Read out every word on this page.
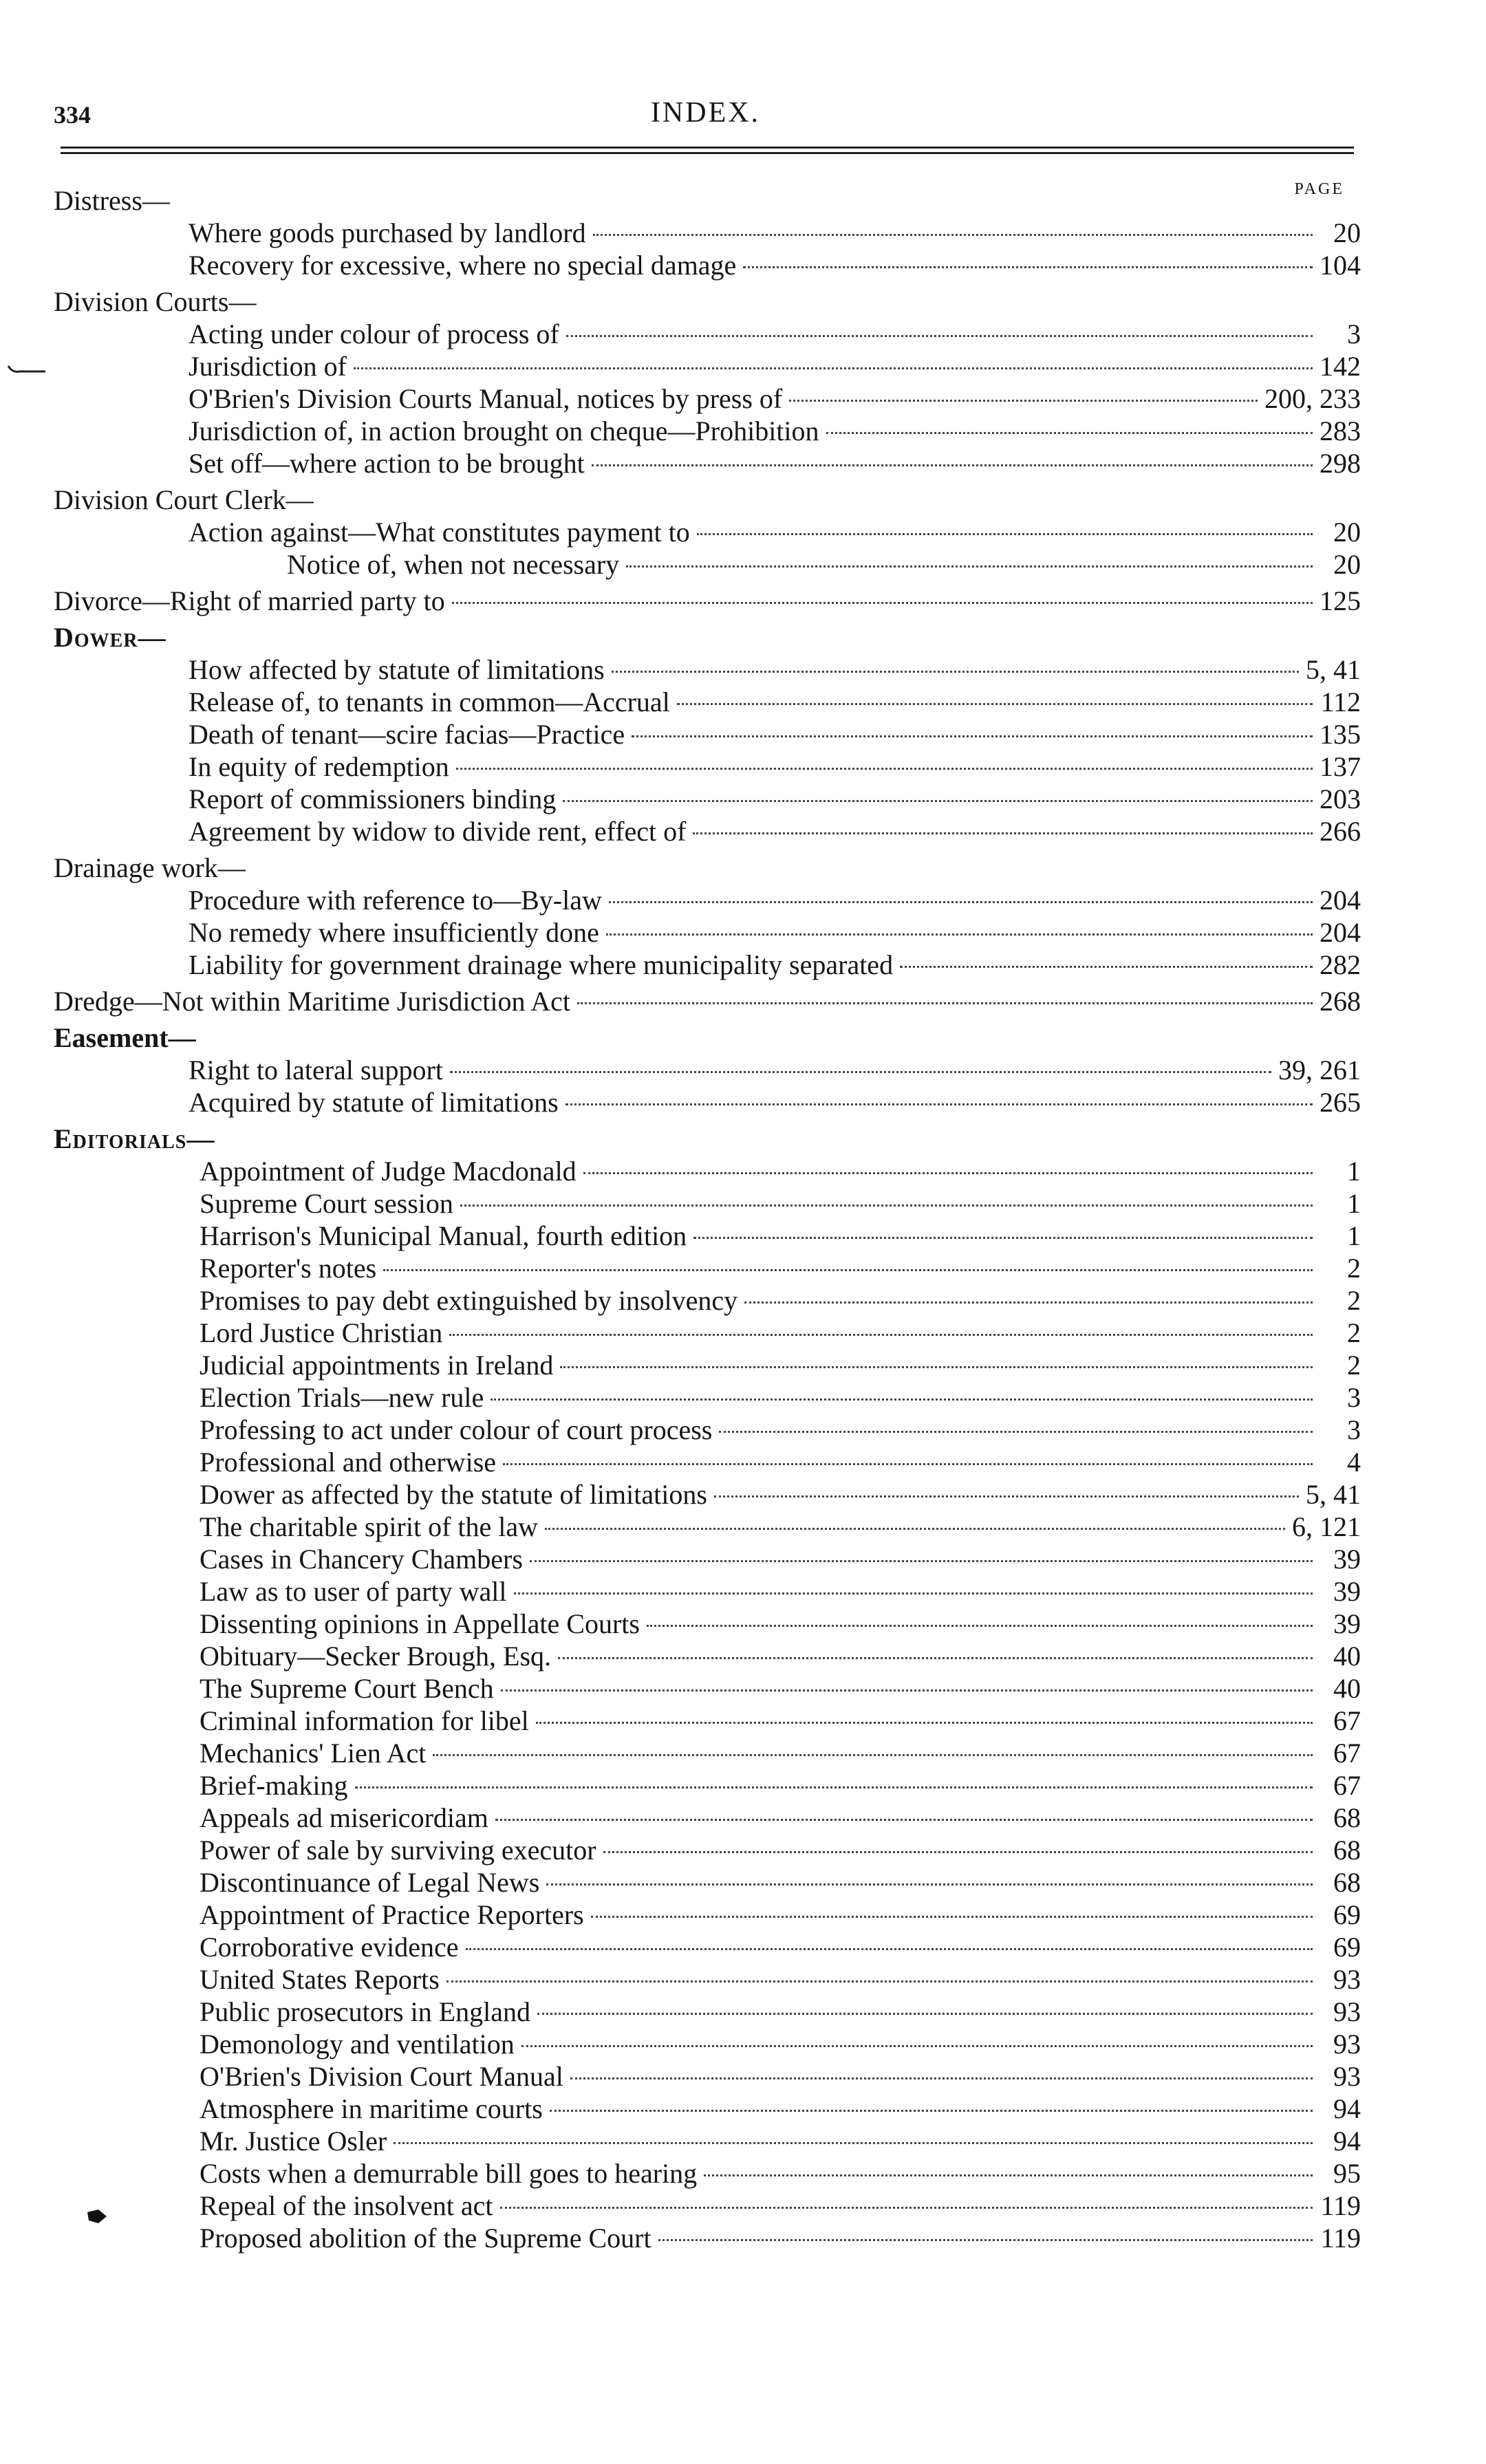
334	INDEX.
PAGE
Distress—
Where goods purchased by landlord	20
Recovery for excessive, where no special damage	104
Division Courts—
Acting under colour of process of	3
Jurisdiction of	142
O'Brien's Division Courts Manual, notices by press of	200, 233
Jurisdiction of, in action brought on cheque—Prohibition	283
Set off—where action to be brought	298
Division Court Clerk—
Action against—What constitutes payment to	20
Notice of, when not necessary	20
Divorce—Right of married party to	125
Dower—
How affected by statute of limitations	5, 41
Release of, to tenants in common—Accrual	112
Death of tenant—scire facias—Practice	135
In equity of redemption	137
Report of commissioners binding	203
Agreement by widow to divide rent, effect of	266
Drainage work—
Procedure with reference to—By-law	204
No remedy where insufficiently done	204
Liability for government drainage where municipality separated	282
Dredge—Not within Maritime Jurisdiction Act	268
Easement—
Right to lateral support	39, 261
Acquired by statute of limitations	265
Editorials—
Appointment of Judge Macdonald	1
Supreme Court session	1
Harrison's Municipal Manual, fourth edition	1
Reporter's notes	2
Promises to pay debt extinguished by insolvency	2
Lord Justice Christian	2
Judicial appointments in Ireland	2
Election Trials—new rule	3
Professing to act under colour of court process	3
Professional and otherwise	4
Dower as affected by the statute of limitations	5, 41
The charitable spirit of the law	6, 121
Cases in Chancery Chambers	39
Law as to user of party wall	39
Dissenting opinions in Appellate Courts	39
Obituary—Secker Brough, Esq.	40
The Supreme Court Bench	40
Criminal information for libel	67
Mechanics' Lien Act	67
Brief-making	67
Appeals ad misericordiam	68
Power of sale by surviving executor	68
Discontinuance of Legal News	68
Appointment of Practice Reporters	69
Corroborative evidence	69
United States Reports	93
Public prosecutors in England	93
Demonology and ventilation	93
O'Brien's Division Court Manual	93
Atmosphere in maritime courts	94
Mr. Justice Osler	94
Costs when a demurrable bill goes to hearing	95
Repeal of the insolvent act	119
Proposed abolition of the Supreme Court	119
